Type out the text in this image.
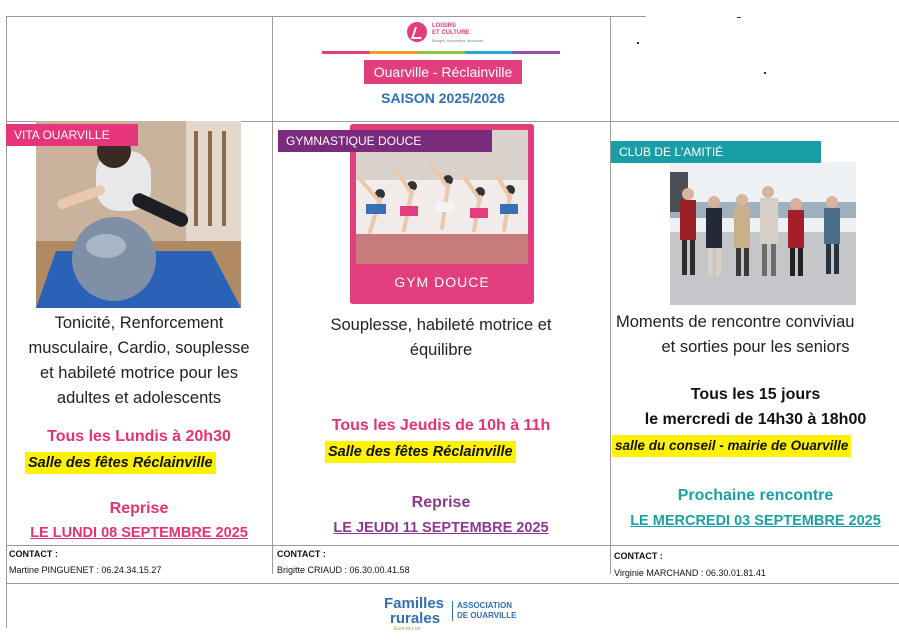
LOISIRS
ET CULTURE
Bouger, rencontrer, découvrir
Ouarville - Réclainville
SAISON 2025/2026
VITA OUARVILLE
Tonicité, Renforcement
musculaire, Cardio, souplesse
et habileté motrice pour les
adultes et adolescents
Tous les Lundis à 20h30
Salle des fêtes Réclainville
Reprise
LE LUNDI 08 SEPTEMBRE 2025
CONTACT :
Martine PINGUENET : 06.24.34.15.27
GYM DOUCE
GYMNASTIQUE DOUCE
Souplesse, habileté motrice et
équilibre
Tous les Jeudis de 10h à 11h
Salle des fêtes Réclainville
Reprise
LE JEUDI 11 SEPTEMBRE 2025
CONTACT :
Brigitte CRIAUD : 06.30.00.41.58
CLUB DE L'AMITIÉ
Moments de rencontre conviviau
et sorties pour les seniors
Tous les 15 jours
le mercredi de 14h30 à 18h00
salle du conseil - mairie de Ouarville
Prochaine rencontre
LE MERCREDI 03 SEPTEMBRE 2025
CONTACT :
Virginie MARCHAND : 06.30.01.81.41
Familles
rurales
Eure-et-Loir
ASSOCIATION
DE OUARVILLE
